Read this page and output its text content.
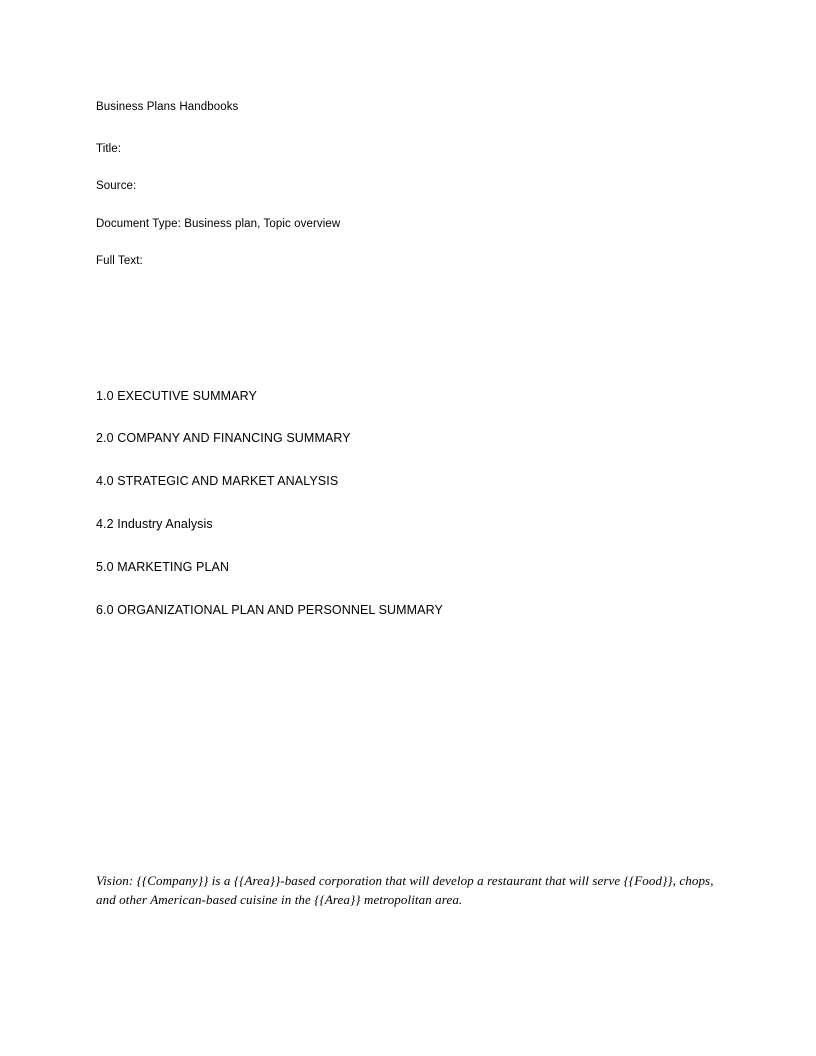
Business Plans Handbooks
Title:
Source:
Document Type: Business plan, Topic overview
Full Text:
1.0 EXECUTIVE SUMMARY
2.0 COMPANY AND FINANCING SUMMARY
4.0 STRATEGIC AND MARKET ANALYSIS
4.2 Industry Analysis
5.0 MARKETING PLAN
6.0 ORGANIZATIONAL PLAN AND PERSONNEL SUMMARY
Vision: {{Company}} is a {{Area}}-based corporation that will develop a restaurant that will serve {{Food}}, chops, and other American-based cuisine in the {{Area}} metropolitan area.
